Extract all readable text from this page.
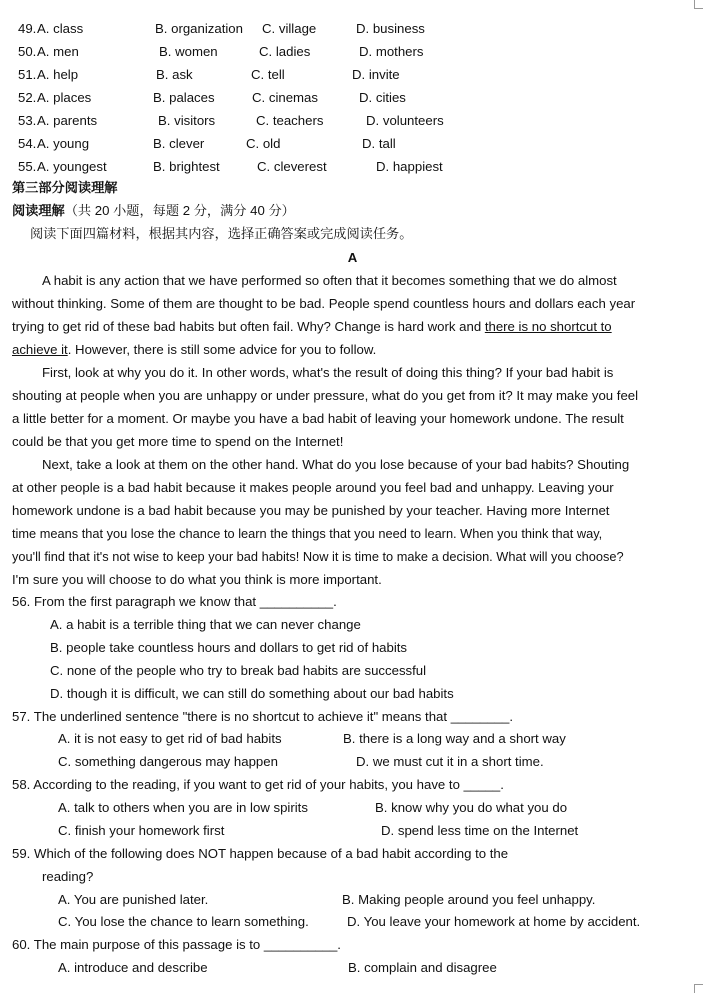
49. A. class	B. organization C. village	D. business
50. A. men	B. women	C. ladies	D. mothers
51. A. help	B. ask	C. tell	D. invite
52. A. places	B. palaces	C. cinemas	D. cities
53. A. parents	B. visitors	C. teachers	D. volunteers
54. A. young	B. clever	C. old	D. tall
55. A. youngest	B. brightest	C. cleverest	D. happiest
第三部分阅读理解
阅读理解（共 20 小题，每题 2 分，满分 40 分）
阅读下面四篇材料，根据其内容，选择正确答案或完成阅读任务。
A
A habit is any action that we have performed so often that it becomes something that we do almost
without thinking. Some of them are thought to be bad. People spend countless hours and dollars each year
trying to get rid of these bad habits but often fail. Why? Change is hard work and there is no shortcut to
achieve it. However, there is still some advice for you to follow.
First, look at why you do it. In other words, what's the result of doing this thing? If your bad habit is
shouting at people when you are unhappy or under pressure, what do you get from it? It may make you feel
a little better for a moment. Or maybe you have a bad habit of leaving your homework undone. The result
could be that you get more time to spend on the Internet!
Next, take a look at them on the other hand. What do you lose because of your bad habits? Shouting
at other people is a bad habit because it makes people around you feel bad and unhappy. Leaving your
homework undone is a bad habit because you may be punished by your teacher. Having more Internet
time means that you lose the chance to learn the things that you need to learn. When you think that way,
you'll find that it's not wise to keep your bad habits! Now it is time to make a decision. What will you choose?
I'm sure you will choose to do what you think is more important.
56. From the first paragraph we know that __________.
A. a habit is a terrible thing that we can never change
B. people take countless hours and dollars to get rid of habits
C. none of the people who try to break bad habits are successful
D. though it is difficult, we can still do something about our bad habits
57. The underlined sentence "there is no shortcut to achieve it" means that ________.
A. it is not easy to get rid of bad habits	B. there is a long way and a short way
C. something dangerous may happen	D. we must cut it in a short time.
58. According to the reading, if you want to get rid of your habits, you have to _____.
A. talk to others when you are in low spirits	B. know why you do what you do
C. finish your homework first	D. spend less time on the Internet
59. Which of the following does NOT happen because of a bad habit according to the
reading?
A. You are punished later.	B. Making people around you feel unhappy.
C. You lose the chance to learn something.	D. You leave your homework at home by accident.
60. The main purpose of this passage is to __________.
A. introduce and describe	B. complain and disagree
